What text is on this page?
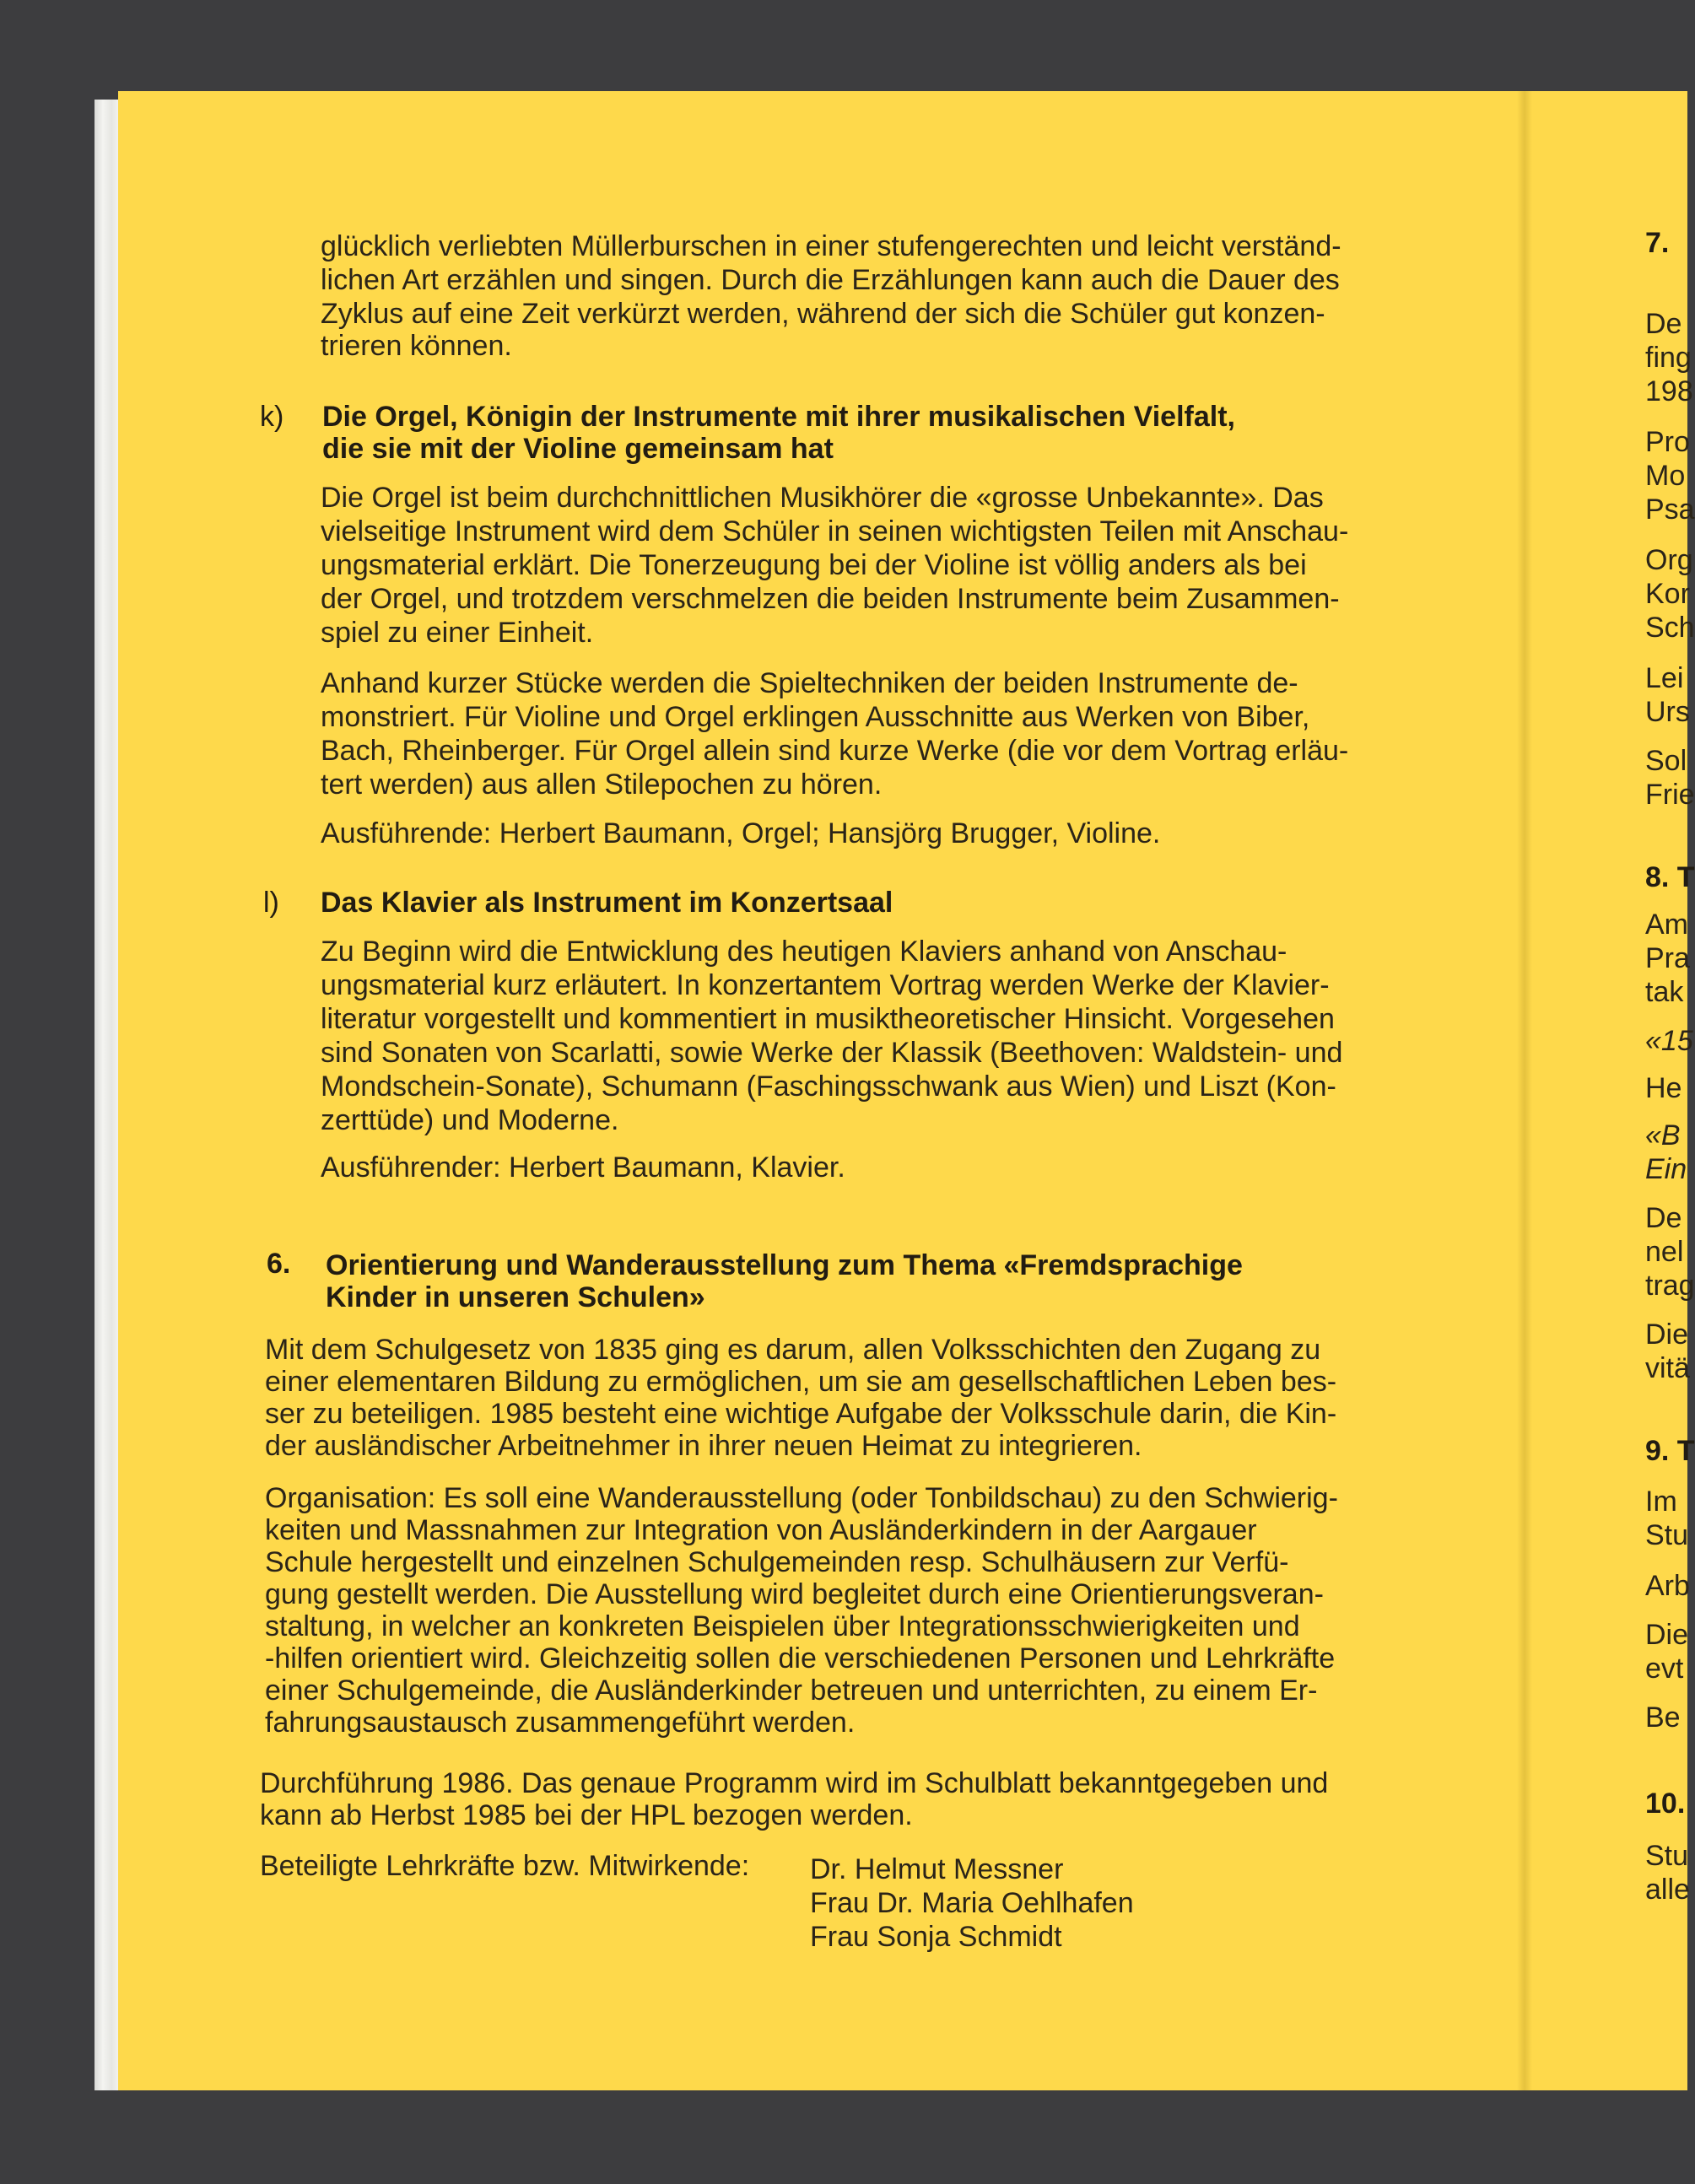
glücklich verliebten Müllerburschen in einer stufengerechten und leicht verständ-
lichen Art erzählen und singen. Durch die Erzählungen kann auch die Dauer des
Zyklus auf eine Zeit verkürzt werden, während der sich die Schüler gut konzen-
trieren können.
k) Die Orgel, Königin der Instrumente mit ihrer musikalischen Vielfalt,
die sie mit der Violine gemeinsam hat
Die Orgel ist beim durchchnittlichen Musikhörer die «grosse Unbekannte». Das
vielseitige Instrument wird dem Schüler in seinen wichtigsten Teilen mit Anschau-
ungsmaterial erklärt. Die Tonerzeugung bei der Violine ist völlig anders als bei
der Orgel, und trotzdem verschmelzen die beiden Instrumente beim Zusammen-
spiel zu einer Einheit.
Anhand kurzer Stücke werden die Spieltechniken der beiden Instrumente de-
monstriert. Für Violine und Orgel erklingen Ausschnitte aus Werken von Biber,
Bach, Rheinberger. Für Orgel allein sind kurze Werke (die vor dem Vortrag erläu-
tert werden) aus allen Stilepochen zu hören.
Ausführende: Herbert Baumann, Orgel; Hansjörg Brugger, Violine.
l) Das Klavier als Instrument im Konzertsaal
Zu Beginn wird die Entwicklung des heutigen Klaviers anhand von Anschau-
ungsmaterial kurz erläutert. In konzertantem Vortrag werden Werke der Klavier-
literatur vorgestellt und kommentiert in musiktheoretischer Hinsicht. Vorgesehen
sind Sonaten von Scarlatti, sowie Werke der Klassik (Beethoven: Waldstein- und
Mondschein-Sonate), Schumann (Faschingsschwank aus Wien) und Liszt (Kon-
zerttüde) und Moderne.
Ausführender: Herbert Baumann, Klavier.
6. Orientierung und Wanderausstellung zum Thema «Fremdsprachige
Kinder in unseren Schulen»
Mit dem Schulgesetz von 1835 ging es darum, allen Volksschichten den Zugang zu
einer elementaren Bildung zu ermöglichen, um sie am gesellschaftlichen Leben bes-
ser zu beteiligen. 1985 besteht eine wichtige Aufgabe der Volksschule darin, die Kin-
der ausländischer Arbeitnehmer in ihrer neuen Heimat zu integrieren.
Organisation: Es soll eine Wanderausstellung (oder Tonbildschau) zu den Schwierig-
keiten und Massnahmen zur Integration von Ausländerkindern in der Aargauer
Schule hergestellt und einzelnen Schulgemeinden resp. Schulhäusern zur Verfü-
gung gestellt werden. Die Ausstellung wird begleitet durch eine Orientierungsveran-
staltung, in welcher an konkreten Beispielen über Integrationsschwierigkeiten und
-hilfen orientiert wird. Gleichzeitig sollen die verschiedenen Personen und Lehrkräfte
einer Schulgemeinde, die Ausländerkinder betreuen und unterrichten, zu einem Er-
fahrungsaustausch zusammengeführt werden.
Durchführung 1986. Das genaue Programm wird im Schulblatt bekanntgegeben und
kann ab Herbst 1985 bei der HPL bezogen werden.
Beteiligte Lehrkräfte bzw. Mitwirkende: Dr. Helmut Messner
Frau Dr. Maria Oehlhafen
Frau Sonja Schmidt
7.
De
fing
198
Pro
Mo
Psa
Org
Kor
Sch
Lei
Urs
Sol
Frie
8. T
Am
Pra
tak
«15
He
«B
Ein
De
nel
trag
Die
vitä
9. T
Im
Stu
Arb
Die
evt
Be
10.
Stu
alle
